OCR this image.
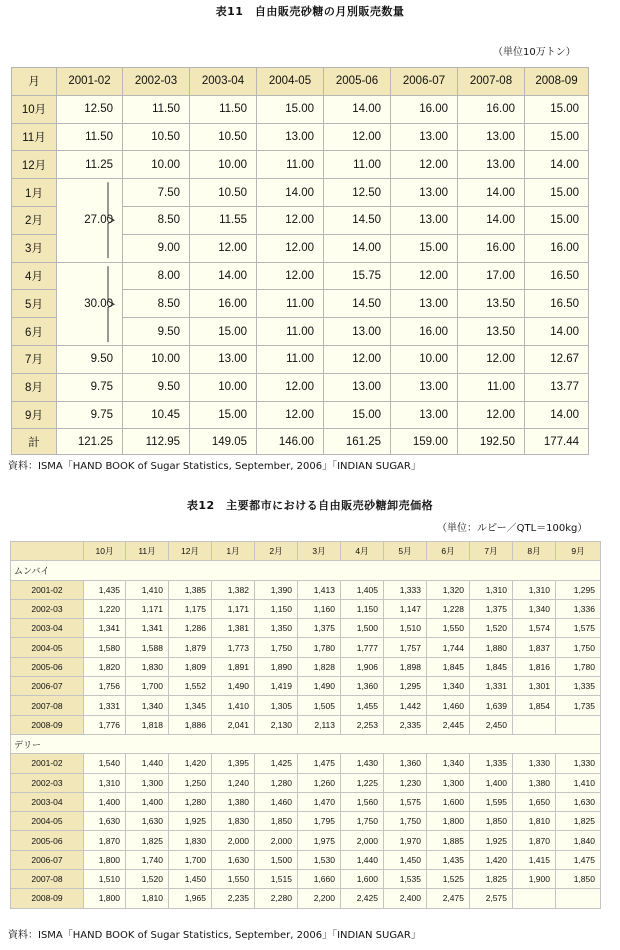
表11　自由販売砂糖の月別販売数量
（単位10万トン）
月	2001-02	2002-03	2003-04	2004-05	2005-06	2006-07	2007-08	2008-09
10月	12.50	11.50	11.50	15.00	14.00	16.00	16.00	15.00
11月	11.50	10.50	10.50	13.00	12.00	13.00	13.00	15.00
12月	11.25	10.00	10.00	11.00	11.00	12.00	13.00	14.00
1月	27.00	7.50	10.50	14.00	12.50	13.00	14.00	15.00
2月		8.50	11.55	12.00	14.50	13.00	14.00	15.00
3月		9.00	12.00	12.00	14.00	15.00	16.00	16.00
4月	30.00	8.00	14.00	12.00	15.75	12.00	17.00	16.50
5月		8.50	16.00	11.00	14.50	13.00	13.50	16.50
6月		9.50	15.00	11.00	13.00	16.00	13.50	14.00
7月	9.50	10.00	13.00	11.00	12.00	10.00	12.00	12.67
8月	9.75	9.50	10.00	12.00	13.00	13.00	11.00	13.77
9月	9.75	10.45	15.00	12.00	15.00	13.00	12.00	14.00
計	121.25	112.95	149.05	146.00	161.25	159.00	192.50	177.44
資料：ISMA「HAND BOOK of Sugar Statistics, September, 2006」「INDIAN SUGAR」
表12　主要都市における自由販売砂糖卸売価格
（単位：ルピー／QTL＝100kg）
	10月	11月	12月	1月	2月	3月	4月	5月	6月	7月	8月	9月
ムンバイ												
2001-02	1,435	1,410	1,385	1,382	1,390	1,413	1,405	1,333	1,320	1,310	1,310	1,295
2002-03	1,220	1,171	1,175	1,171	1,150	1,160	1,150	1,147	1,228	1,375	1,340	1,336
2003-04	1,341	1,341	1,286	1,381	1,350	1,375	1,500	1,510	1,550	1,520	1,574	1,575
2004-05	1,580	1,588	1,879	1,773	1,750	1,780	1,777	1,757	1,744	1,880	1,837	1,750
2005-06	1,820	1,830	1,809	1,891	1,890	1,828	1,906	1,898	1,845	1,845	1,816	1,780
2006-07	1,756	1,700	1,552	1,490	1,419	1,490	1,360	1,295	1,340	1,331	1,301	1,335
2007-08	1,331	1,340	1,345	1,410	1,305	1,505	1,455	1,442	1,460	1,639	1,854	1,735
2008-09	1,776	1,818	1,886	2,041	2,130	2,113	2,253	2,335	2,445	2,450		
デリー												
2001-02	1,540	1,440	1,420	1,395	1,425	1,475	1,430	1,360	1,340	1,335	1,330	1,330
2002-03	1,310	1,300	1,250	1,240	1,280	1,260	1,225	1,230	1,300	1,400	1,380	1,410
2003-04	1,400	1,400	1,280	1,380	1,460	1,470	1,560	1,575	1,600	1,595	1,650	1,630
2004-05	1,630	1,630	1,925	1,830	1,850	1,795	1,750	1,750	1,800	1,850	1,810	1,825
2005-06	1,870	1,825	1,830	2,000	2,000	1,975	2,000	1,970	1,885	1,925	1,870	1,840
2006-07	1,800	1,740	1,700	1,630	1,500	1,530	1,440	1,450	1,435	1,420	1,415	1,475
2007-08	1,510	1,520	1,450	1,550	1,515	1,660	1,600	1,535	1,525	1,825	1,900	1,850
2008-09	1,800	1,810	1,965	2,235	2,280	2,200	2,425	2,400	2,475	2,575		
資料：ISMA「HAND BOOK of Sugar Statistics, September, 2006」「INDIAN SUGAR」
